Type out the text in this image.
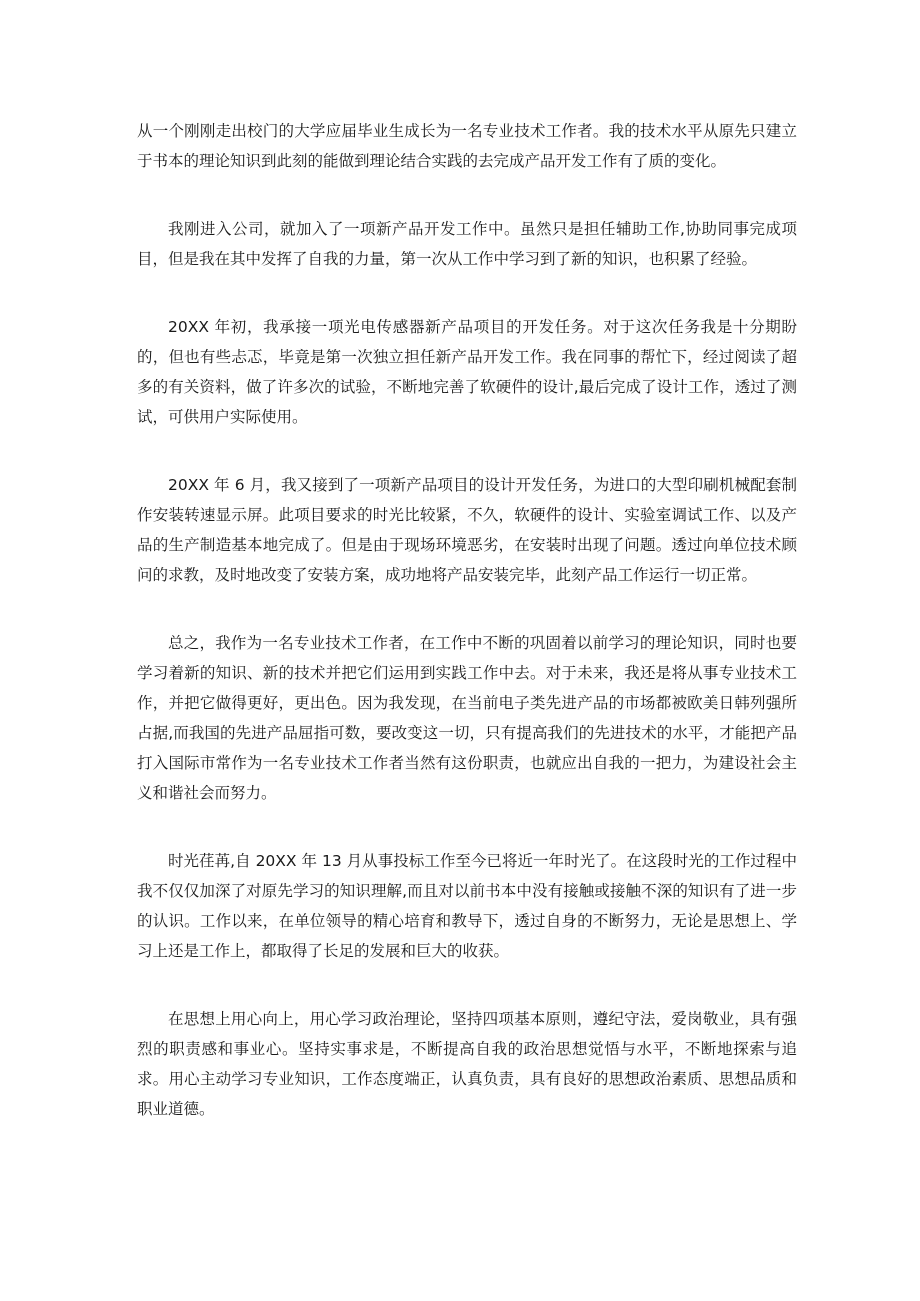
从一个刚刚走出校门的大学应届毕业生成长为一名专业技术工作者。我的技术水平从原先只建立于书本的理论知识到此刻的能做到理论结合实践的去完成产品开发工作有了质的变化。

我刚进入公司，就加入了一项新产品开发工作中。虽然只是担任辅助工作,协助同事完成项目，但是我在其中发挥了自我的力量，第一次从工作中学习到了新的知识，也积累了经验。

20XX 年初，我承接一项光电传感器新产品项目的开发任务。对于这次任务我是十分期盼的，但也有些忐忑，毕竟是第一次独立担任新产品开发工作。我在同事的帮忙下，经过阅读了超多的有关资料，做了许多次的试验，不断地完善了软硬件的设计,最后完成了设计工作，透过了测试，可供用户实际使用。

20XX 年 6 月，我又接到了一项新产品项目的设计开发任务，为进口的大型印刷机械配套制作安装转速显示屏。此项目要求的时光比较紧，不久，软硬件的设计、实验室调试工作、以及产品的生产制造基本地完成了。但是由于现场环境恶劣，在安装时出现了问题。透过向单位技术顾问的求教，及时地改变了安装方案，成功地将产品安装完毕，此刻产品工作运行一切正常。

总之，我作为一名专业技术工作者，在工作中不断的巩固着以前学习的理论知识，同时也要学习着新的知识、新的技术并把它们运用到实践工作中去。对于未来，我还是将从事专业技术工作，并把它做得更好，更出色。因为我发现，在当前电子类先进产品的市场都被欧美日韩列强所占据,而我国的先进产品屈指可数，要改变这一切，只有提高我们的先进技术的水平，才能把产品打入国际市常作为一名专业技术工作者当然有这份职责，也就应出自我的一把力，为建设社会主义和谐社会而努力。

时光荏苒,自 20XX 年 13 月从事投标工作至今已将近一年时光了。在这段时光的工作过程中我不仅仅加深了对原先学习的知识理解,而且对以前书本中没有接触或接触不深的知识有了进一步的认识。工作以来，在单位领导的精心培育和教导下，透过自身的不断努力，无论是思想上、学习上还是工作上，都取得了长足的发展和巨大的收获。

在思想上用心向上，用心学习政治理论，坚持四项基本原则，遵纪守法，爱岗敬业，具有强烈的职责感和事业心。坚持实事求是，不断提高自我的政治思想觉悟与水平，不断地探索与追求。用心主动学习专业知识，工作态度端正，认真负责，具有良好的思想政治素质、思想品质和职业道德。
